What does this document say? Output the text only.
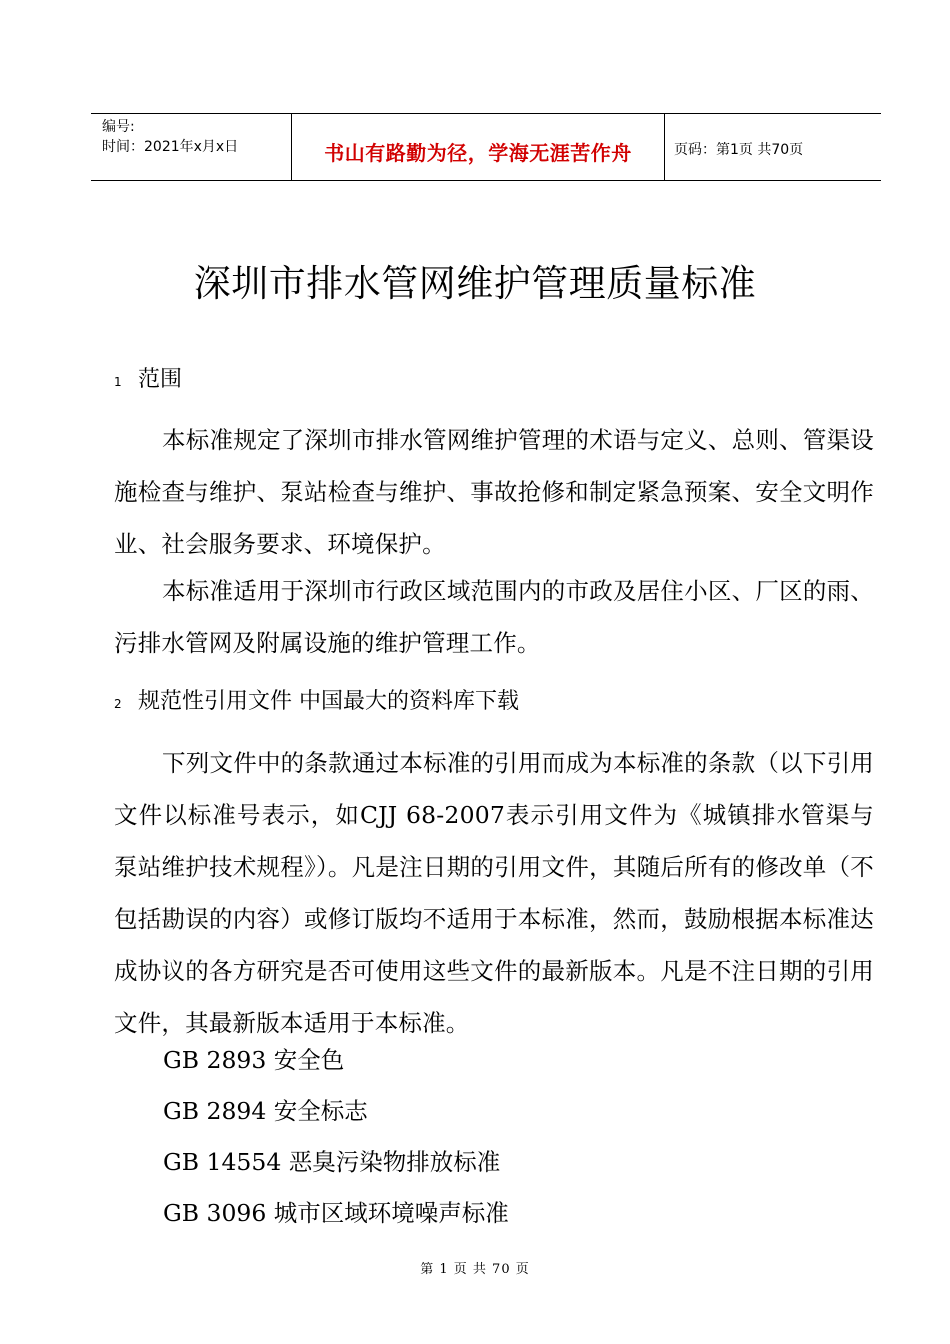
编号:
时间：2021年x月x日	书山有路勤为径，学海无涯苦作舟	页码：第1页 共70页
深圳市排水管网维护管理质量标准
1 范围
本标准规定了深圳市排水管网维护管理的术语与定义、总则、管渠设施检查与维护、泵站检查与维护、事故抢修和制定紧急预案、安全文明作业、社会服务要求、环境保护。
本标准适用于深圳市行政区域范围内的市政及居住小区、厂区的雨、污排水管网及附属设施的维护管理工作。
2 规范性引用文件 中国最大的资料库下载
下列文件中的条款通过本标准的引用而成为本标准的条款（以下引用文件以标准号表示，如CJJ 68-2007表示引用文件为《城镇排水管渠与泵站维护技术规程》）。凡是注日期的引用文件，其随后所有的修改单（不包括勘误的内容）或修订版均不适用于本标准，然而，鼓励根据本标准达成协议的各方研究是否可使用这些文件的最新版本。凡是不注日期的引用文件，其最新版本适用于本标准。
GB 2893 安全色
GB 2894 安全标志
GB 14554 恶臭污染物排放标准
GB 3096 城市区域环境噪声标准
第 1 页 共 70 页
